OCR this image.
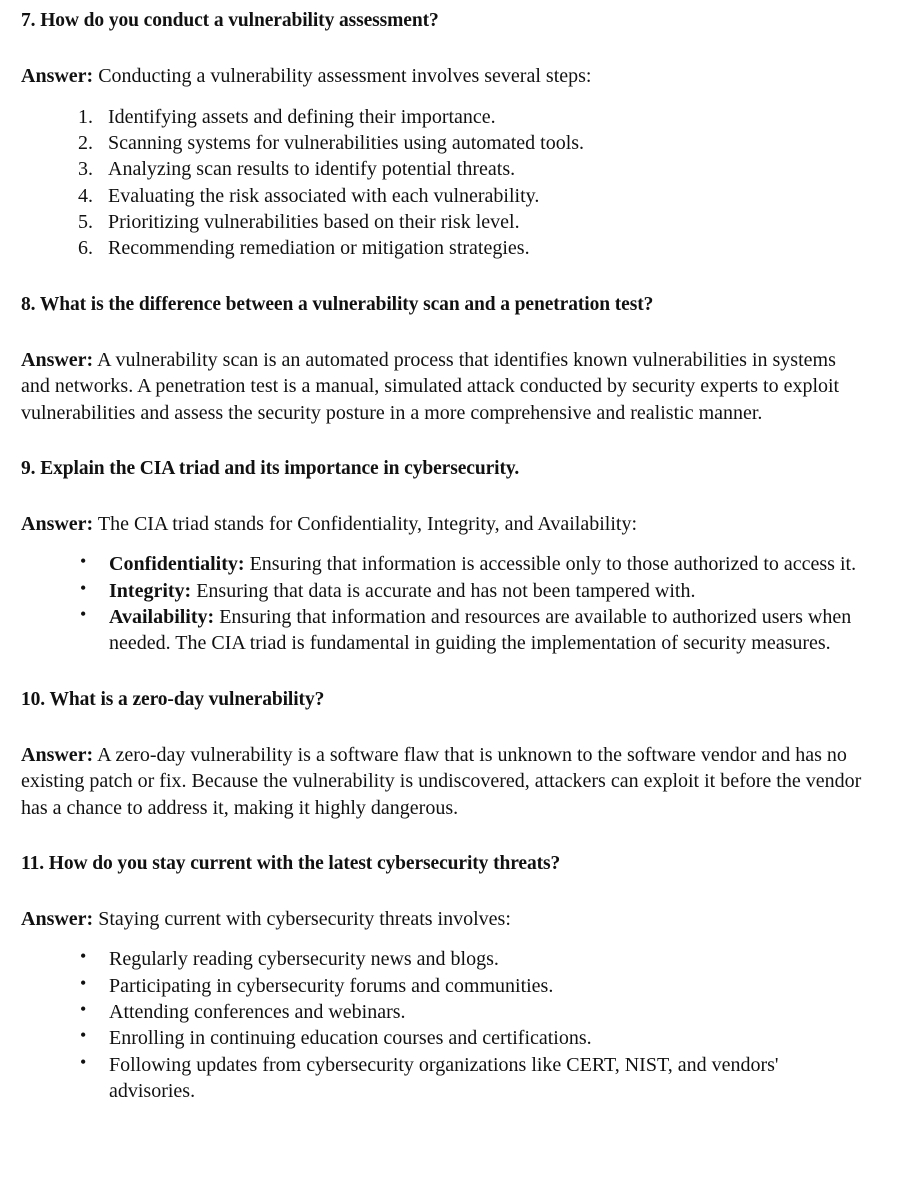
7. How do you conduct a vulnerability assessment?

Answer: Conducting a vulnerability assessment involves several steps:

Identifying assets and defining their importance.
Scanning systems for vulnerabilities using automated tools.
Analyzing scan results to identify potential threats.
Evaluating the risk associated with each vulnerability.
Prioritizing vulnerabilities based on their risk level.
Recommending remediation or mitigation strategies.
8. What is the difference between a vulnerability scan and a penetration test?

Answer: A vulnerability scan is an automated process that identifies known vulnerabilities in systems and networks. A penetration test is a manual, simulated attack conducted by security experts to exploit vulnerabilities and assess the security posture in a more comprehensive and realistic manner.

9. Explain the CIA triad and its importance in cybersecurity.

Answer: The CIA triad stands for Confidentiality, Integrity, and Availability:

• Confidentiality: Ensuring that information is accessible only to those authorized to access it.
• Integrity: Ensuring that data is accurate and has not been tampered with.
• Availability: Ensuring that information and resources are available to authorized users when needed. The CIA triad is fundamental in guiding the implementation of security measures.
10. What is a zero-day vulnerability?

Answer: A zero-day vulnerability is a software flaw that is unknown to the software vendor and has no existing patch or fix. Because the vulnerability is undiscovered, attackers can exploit it before the vendor has a chance to address it, making it highly dangerous.

11. How do you stay current with the latest cybersecurity threats?

Answer: Staying current with cybersecurity threats involves:

• Regularly reading cybersecurity news and blogs.
• Participating in cybersecurity forums and communities.
• Attending conferences and webinars.
• Enrolling in continuing education courses and certifications.
• Following updates from cybersecurity organizations like CERT, NIST, and vendors' advisories.
